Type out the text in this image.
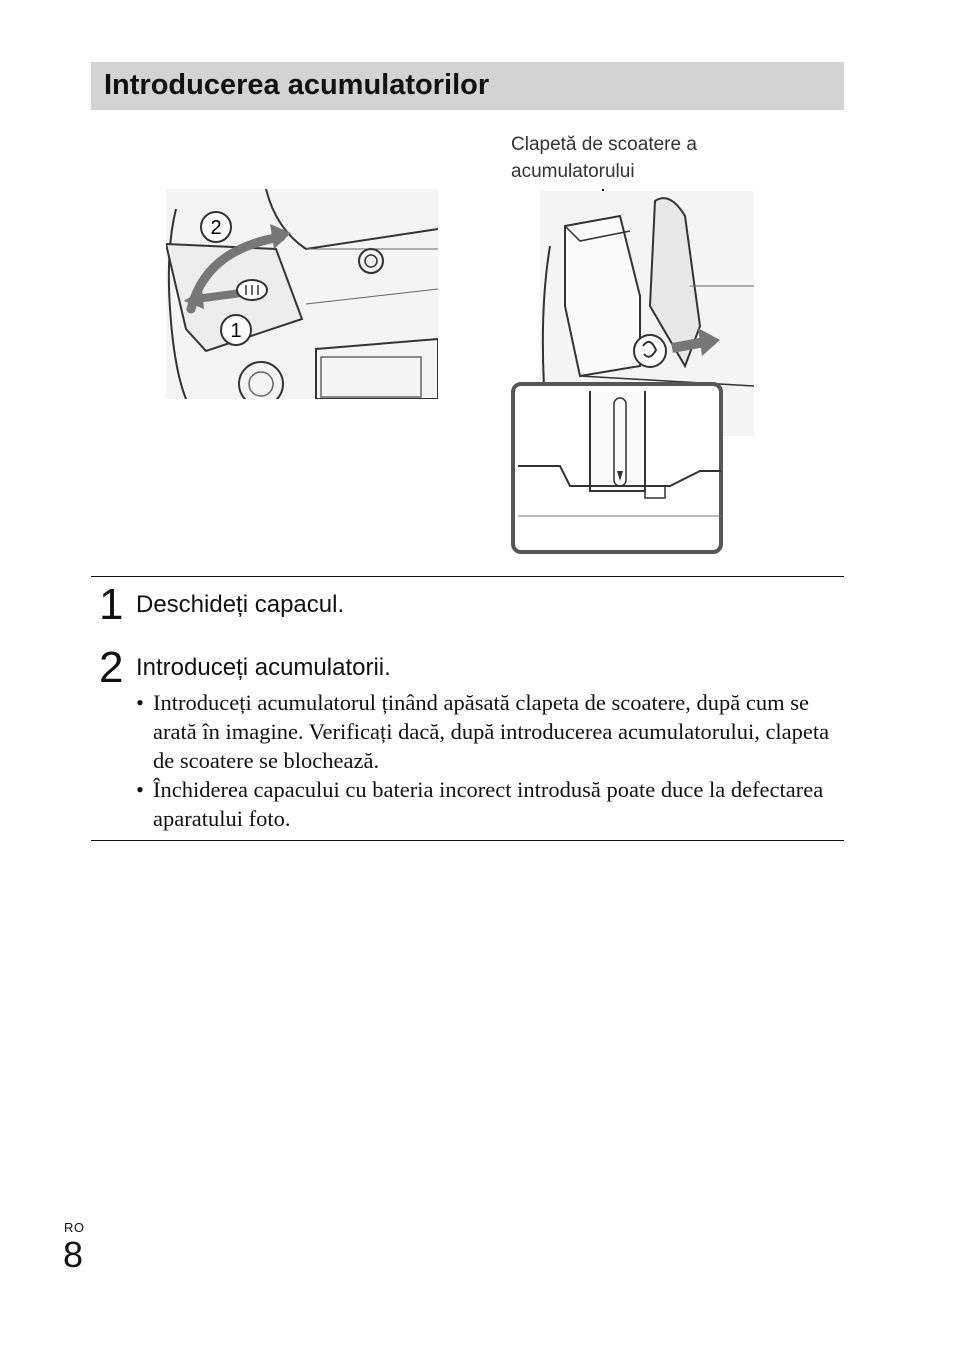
Introducerea acumulatorilor
2
1
Clapetă de scoatere a acumulatorului
1 Deschideți capacul.
2 Introduceți acumulatorii.
• Introduceți acumulatorul ținând apăsată clapeta de scoatere, după cum se arată în imagine. Verificați dacă, după introducerea acumulatorului, clapeta de scoatere se blochează.
• Închiderea capacului cu bateria incorect introdusă poate duce la defectarea aparatului foto.
RO
8
